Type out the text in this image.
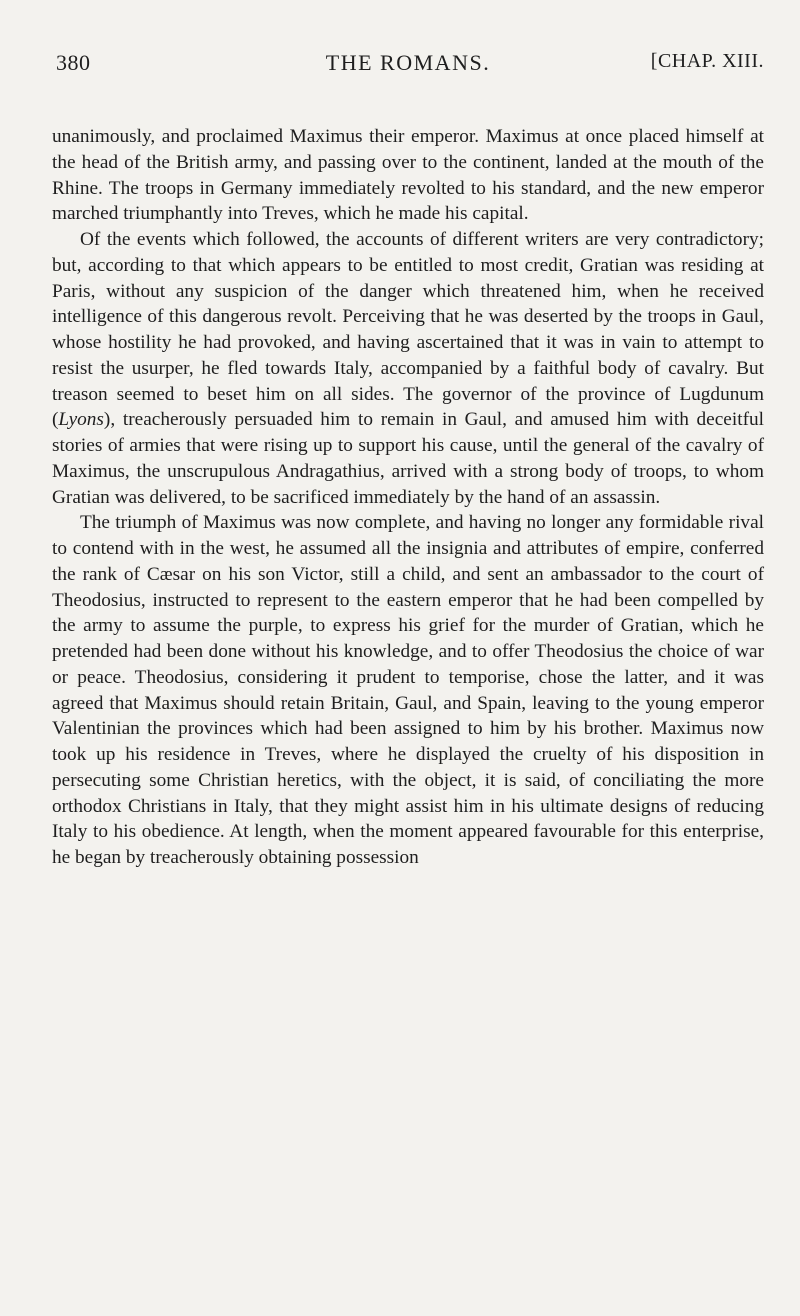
380	THE ROMANS.	[CHAP. XIII.

unanimously, and proclaimed Maximus their emperor. Maximus at once placed himself at the head of the British army, and passing over to the continent, landed at the mouth of the Rhine. The troops in Germany immediately revolted to his standard, and the new emperor marched triumphantly into Treves, which he made his capital.

Of the events which followed, the accounts of different writers are very contradictory; but, according to that which appears to be entitled to most credit, Gratian was residing at Paris, without any suspicion of the danger which threatened him, when he received intelligence of this dangerous revolt. Perceiving that he was deserted by the troops in Gaul, whose hostility he had provoked, and having ascertained that it was in vain to attempt to resist the usurper, he fled towards Italy, accompanied by a faithful body of cavalry. But treason seemed to beset him on all sides. The governor of the province of Lugdunum (Lyons), treacherously persuaded him to remain in Gaul, and amused him with deceitful stories of armies that were rising up to support his cause, until the general of the cavalry of Maximus, the unscrupulous Andragathius, arrived with a strong body of troops, to whom Gratian was delivered, to be sacrificed immediately by the hand of an assassin.

The triumph of Maximus was now complete, and having no longer any formidable rival to contend with in the west, he assumed all the insignia and attributes of empire, conferred the rank of Cæsar on his son Victor, still a child, and sent an ambassador to the court of Theodosius, instructed to represent to the eastern emperor that he had been compelled by the army to assume the purple, to express his grief for the murder of Gratian, which he pretended had been done without his knowledge, and to offer Theodosius the choice of war or peace. Theodosius, considering it prudent to temporise, chose the latter, and it was agreed that Maximus should retain Britain, Gaul, and Spain, leaving to the young emperor Valentinian the provinces which had been assigned to him by his brother. Maximus now took up his residence in Treves, where he displayed the cruelty of his disposition in persecuting some Christian heretics, with the object, it is said, of conciliating the more orthodox Christians in Italy, that they might assist him in his ultimate designs of reducing Italy to his obedience. At length, when the moment appeared favourable for this enterprise, he began by treacherously obtaining possession
